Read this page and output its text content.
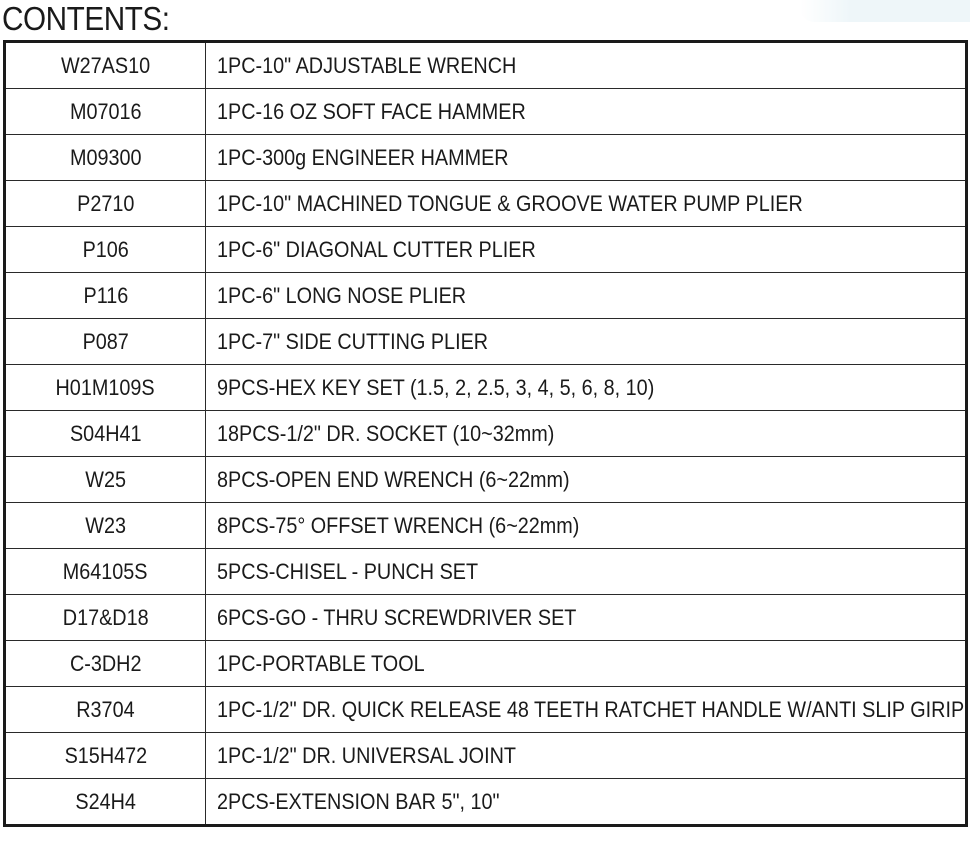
CONTENTS:
W27AS10	1PC-10" ADJUSTABLE WRENCH
M07016	1PC-16 OZ SOFT FACE HAMMER
M09300	1PC-300g ENGINEER HAMMER
P2710	1PC-10" MACHINED TONGUE & GROOVE WATER PUMP PLIER
P106	1PC-6" DIAGONAL CUTTER PLIER
P116	1PC-6" LONG NOSE PLIER
P087	1PC-7" SIDE CUTTING PLIER
H01M109S	9PCS-HEX KEY SET (1.5, 2, 2.5, 3, 4, 5, 6, 8, 10)
S04H41	18PCS-1/2" DR. SOCKET (10~32mm)
W25	8PCS-OPEN END WRENCH (6~22mm)
W23	8PCS-75° OFFSET WRENCH (6~22mm)
M64105S	5PCS-CHISEL - PUNCH SET
D17&D18	6PCS-GO - THRU SCREWDRIVER SET
C-3DH2	1PC-PORTABLE TOOL
R3704	1PC-1/2" DR. QUICK RELEASE 48 TEETH RATCHET HANDLE W/ANTI SLIP GIRIP
S15H472	1PC-1/2" DR. UNIVERSAL JOINT
S24H4	2PCS-EXTENSION BAR 5", 10"
